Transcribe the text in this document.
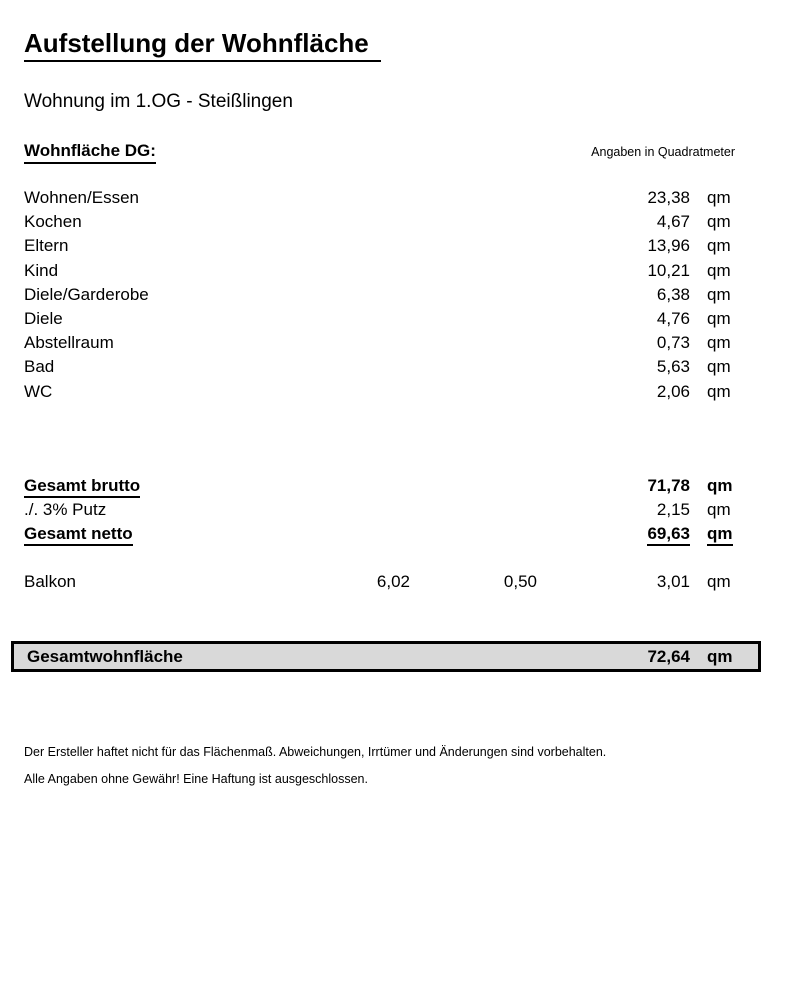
Aufstellung der Wohnfläche
Wohnung im 1.OG - Steißlingen
Wohnfläche DG:	Angaben in Quadratmeter
Wohnen/Essen	23,38	qm
Kochen	4,67	qm
Eltern	13,96	qm
Kind	10,21	qm
Diele/Garderobe	6,38	qm
Diele	4,76	qm
Abstellraum	0,73	qm
Bad	5,63	qm
WC	2,06	qm
Gesamt brutto	71,78	qm
./. 3% Putz	2,15	qm
Gesamt netto	69,63	qm
Balkon	6,02	0,50	3,01	qm
Gesamtwohnfläche	72,64	qm

Der Ersteller haftet nicht für das Flächenmaß. Abweichungen, Irrtümer und Änderungen sind vorbehalten.

Alle Angaben ohne Gewähr! Eine Haftung ist ausgeschlossen.
